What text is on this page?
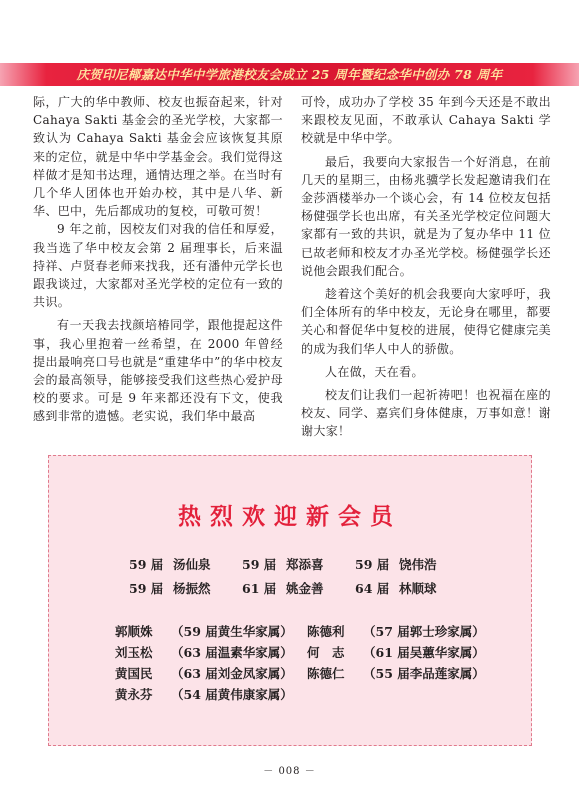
庆贺印尼椰嘉达中华中学旅港校友会成立 25 周年暨纪念华中创办 78 周年

际，广大的华中教师、校友也振奋起来，针对 Cahaya Sakti 基金会的圣光学校，大家都一致认为 Cahaya Sakti 基金会应该恢复其原来的定位，就是中华中学基金会。我们觉得这样做才是知书达理，通情达理之举。在当时有几个华人团体也开始办校，其中是八华、新华、巴中，先后都成功的复校，可敬可贺！

9 年之前，因校友们对我的信任和厚爱，我当选了华中校友会第 2 届理事长，后来温持祥、卢贤春老师来找我，还有潘仲元学长也跟我谈过，大家都对圣光学校的定位有一致的共识。

有一天我去找颜培椿同学，跟他提起这件事，我心里抱着一丝希望，在 2000 年曾经提出最响亮口号也就是“重建华中”的华中校友会的最高领导，能够接受我们这些热心爱护母校的要求。可是 9 年来都还没有下文，使我感到非常的遗憾。老实说，我们华中最高

可怜，成功办了学校 35 年到今天还是不敢出来跟校友见面，不敢承认 Cahaya Sakti 学校就是中华中学。

最后，我要向大家报告一个好消息，在前几天的星期三，由杨兆骥学长发起邀请我们在金莎酒楼举办一个谈心会，有 14 位校友包括杨健强学长也出席，有关圣光学校定位问题大家都有一致的共识，就是为了复办华中 11 位已故老师和校友才办圣光学校。杨健强学长还说他会跟我们配合。

趁着这个美好的机会我要向大家呼吁，我们全体所有的华中校友，无论身在哪里，都要关心和督促华中复校的进展，使得它健康完美的成为我们华人中人的骄傲。

人在做，天在看。

校友们让我们一起祈祷吧！也祝福在座的校友、同学、嘉宾们身体健康，万事如意！谢谢大家！

热烈欢迎新会员
59 届 汤仙泉	59 届 郑添喜	59 届 饶伟浩
59 届 杨振然	61 届 姚金善	64 届 林顺球
郭顺姝 （59 届黄生华家属） 陈德利 （57 届郭士珍家属）
刘玉松 （63 届温素华家属） 何　志 （61 届吴蕙华家属）
黄国民 （63 届刘金凤家属） 陈德仁 （55 届李品莲家属）
黄永芬 （54 届黄伟康家属）
－ 008 －
